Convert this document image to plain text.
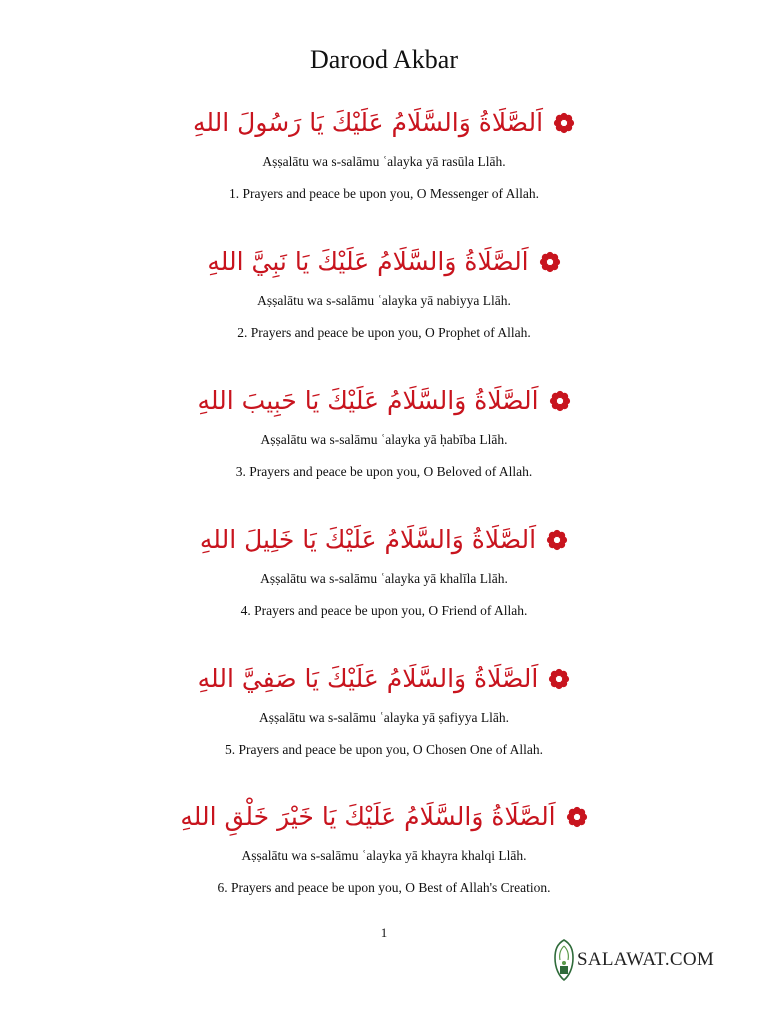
Darood Akbar
اَلصَّلَاةُ وَالسَّلَامُ عَلَيْكَ يَا رَسُولَ اللهِ
Aṣṣalātu wa s-salāmu ʿalayka yā rasūla Llāh.
1. Prayers and peace be upon you, O Messenger of Allah.
اَلصَّلَاةُ وَالسَّلَامُ عَلَيْكَ يَا نَبِيَّ اللهِ
Aṣṣalātu wa s-salāmu ʿalayka yā nabiyya Llāh.
2. Prayers and peace be upon you, O Prophet of Allah.
اَلصَّلَاةُ وَالسَّلَامُ عَلَيْكَ يَا حَبِيبَ اللهِ
Aṣṣalātu wa s-salāmu ʿalayka yā ḥabība Llāh.
3. Prayers and peace be upon you, O Beloved of Allah.
اَلصَّلَاةُ وَالسَّلَامُ عَلَيْكَ يَا خَلِيلَ اللهِ
Aṣṣalātu wa s-salāmu ʿalayka yā khalīla Llāh.
4. Prayers and peace be upon you, O Friend of Allah.
اَلصَّلَاةُ وَالسَّلَامُ عَلَيْكَ يَا صَفِيَّ اللهِ
Aṣṣalātu wa s-salāmu ʿalayka yā ṣafiyya Llāh.
5. Prayers and peace be upon you, O Chosen One of Allah.
اَلصَّلَاةُ وَالسَّلَامُ عَلَيْكَ يَا خَيْرَ خَلْقِ اللهِ
Aṣṣalātu wa s-salāmu ʿalayka yā khayra khalqi Llāh.
6. Prayers and peace be upon you, O Best of Allah's Creation.
1
SALAWAT.COM
